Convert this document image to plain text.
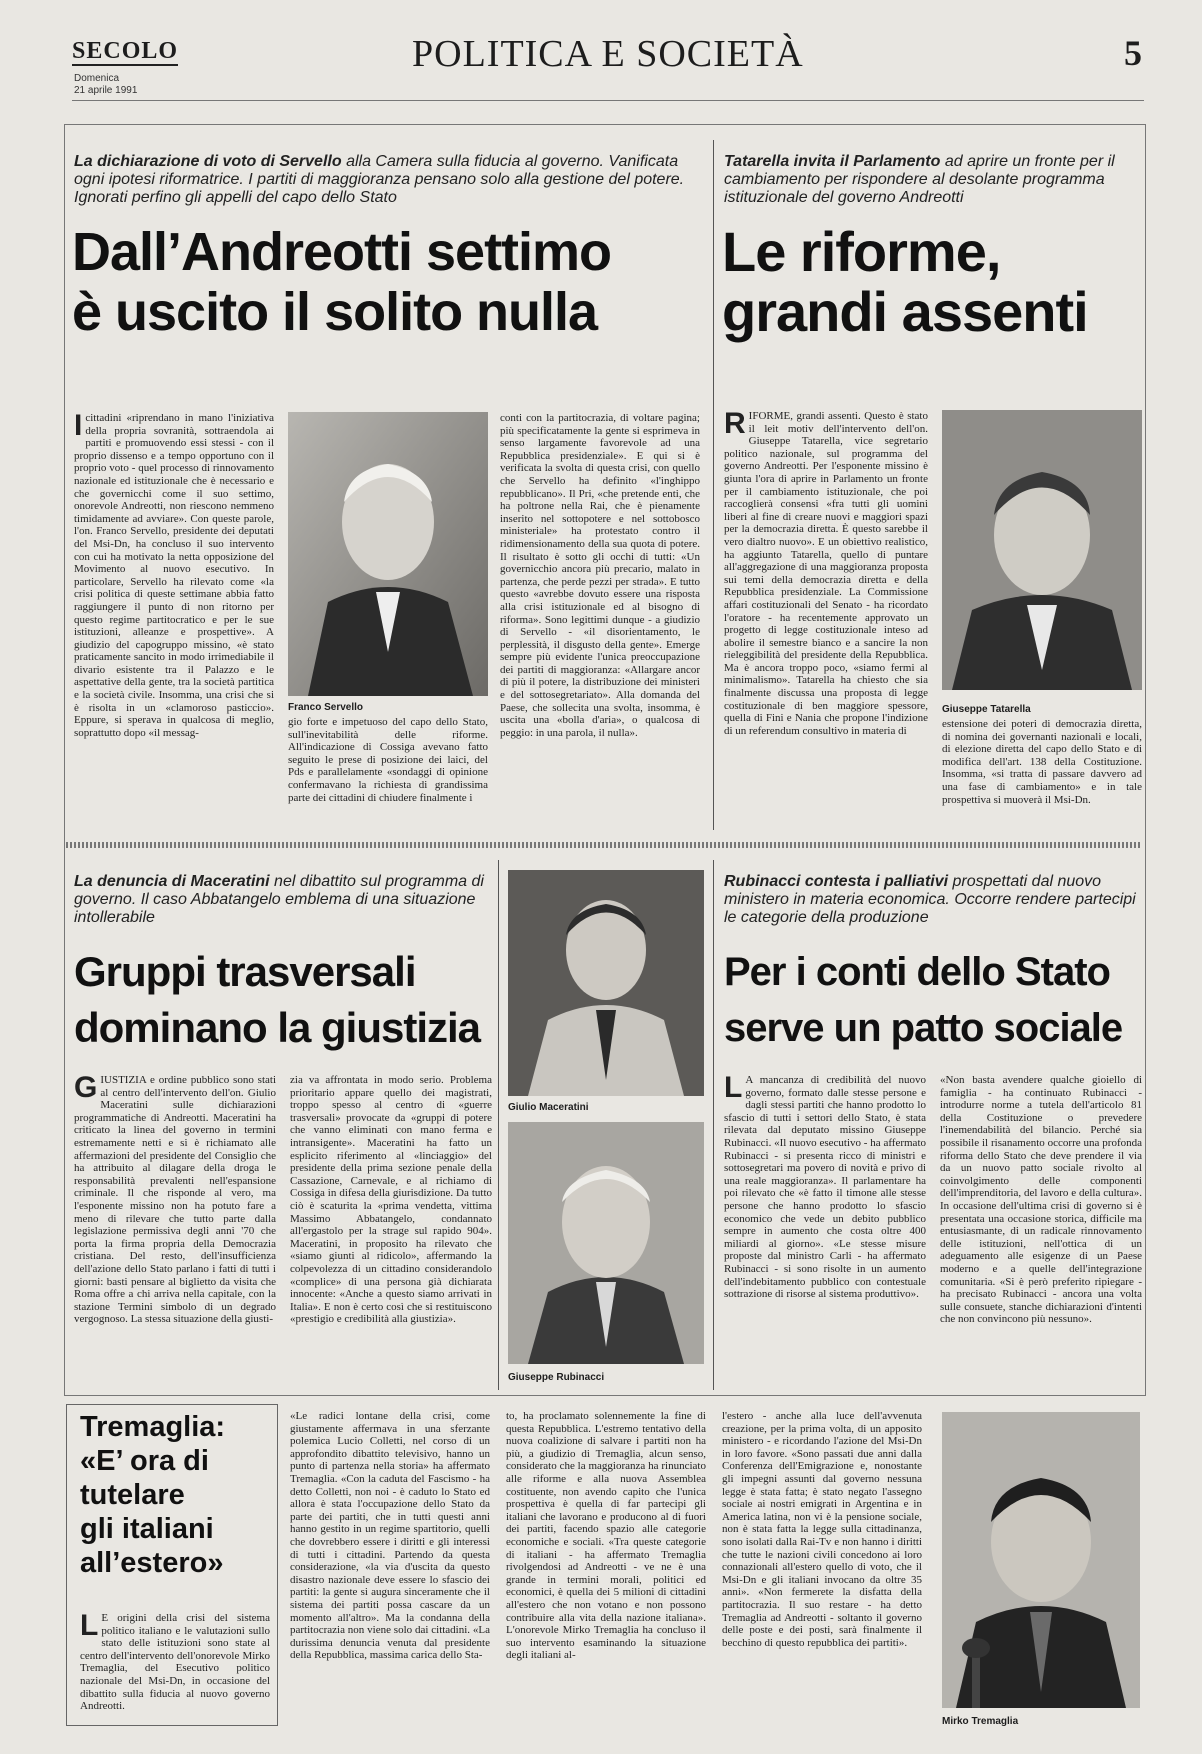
SECOLO
Domenica
21 aprile 1991
POLITICA E SOCIETÀ	5
La dichiarazione di voto di Servello alla Camera sulla fiducia al governo. Vanificata ogni ipotesi riformatrice. I partiti di maggioranza pensano solo alla gestione del potere. Ignorati perfino gli appelli del capo dello Stato
Dall’Andreotti settimo
è uscito il solito nulla
Icittadini «riprendano in mano l'iniziativa della propria sovranità, sottraendola ai partiti e promuovendo essi stessi - con il proprio dissenso e a tempo opportuno con il proprio voto - quel processo di rinnovamento nazionale ed istituzionale che è necessario e che governicchi come il suo settimo, onorevole Andreotti, non riescono nemmeno timidamente ad avviare». Con queste parole, l'on. Franco Servello, presidente dei deputati del Msi-Dn, ha concluso il suo intervento con cui ha motivato la netta opposizione del Movimento al nuovo esecutivo. In particolare, Servello ha rilevato come «la crisi politica di queste settimane abbia fatto raggiungere il punto di non ritorno per questo regime partitocratico e per le sue istituzioni, alleanze e prospettive». A giudizio del capogruppo missino, «è stato praticamente sancito in modo irrimediabile il divario esistente tra il Palazzo e le aspettative della gente, tra la società partitica e la società civile. Insomma, una crisi che si è risolta in un «clamoroso pasticcio». Eppure, si sperava in qualcosa di meglio, soprattutto dopo «il messag-
Franco Servello
gio forte e impetuoso del capo dello Stato, sull'inevitabilità delle riforme. All'indicazione di Cossiga avevano fatto seguito le prese di posizione dei laici, del Pds e parallelamente «sondaggi di opinione confermavano la richiesta di grandissima parte dei cittadini di chiudere finalmente i
conti con la partitocrazia, di voltare pagina; più specificatamente la gente si esprimeva in senso largamente favorevole ad una Repubblica presidenziale». E qui si è verificata la svolta di questa crisi, con quello che Servello ha definito «l'inghippo repubblicano». Il Pri, «che pretende enti, che ha poltrone nella Rai, che è pienamente inserito nel sottopotere e nel sottobosco ministeriale» ha protestato contro il ridimensionamento della sua quota di potere. Il risultato è sotto gli occhi di tutti: «Un governicchio ancora più precario, malato in partenza, che perde pezzi per strada». E tutto questo «avrebbe dovuto essere una risposta alla crisi istituzionale ed al bisogno di riforma». Sono legittimi dunque - a giudizio di Servello - «il disorientamento, le perplessità, il disgusto della gente». Emerge sempre più evidente l'unica preoccupazione dei partiti di maggioranza: «Allargare ancor di più il potere, la distribuzione dei ministeri e del sottosegretariato». Alla domanda del Paese, che sollecita una svolta, insomma, è uscita una «bolla d'aria», o qualcosa di peggio: in una parola, il nulla».
Tatarella invita il Parlamento ad aprire un fronte per il cambiamento per rispondere al desolante programma istituzionale del governo Andreotti
Le riforme,
grandi assenti
RIFORME, grandi assenti. Questo è stato il leit motiv dell'intervento dell'on. Giuseppe Tatarella, vice segretario politico nazionale, sul programma del governo Andreotti. Per l'esponente missino è giunta l'ora di aprire in Parlamento un fronte per il cambiamento istituzionale, che poi raccoglierà consensi «fra tutti gli uomini liberi al fine di creare nuovi e maggiori spazi per la democrazia diretta. È questo sarebbe il vero dialtro nuovo». E un obiettivo realistico, ha aggiunto Tatarella, quello di puntare all'aggregazione di una maggioranza proposta sui temi della democrazia diretta e della Repubblica presidenziale. La Commissione affari costituzionali del Senato - ha ricordato l'oratore - ha recentemente approvato un progetto di legge costituzionale inteso ad abolire il semestre bianco e a sancire la non rieleggibilità del presidente della Repubblica. Ma è ancora troppo poco, «siamo fermi al minimalismo». Tatarella ha chiesto che sia finalmente discussa una proposta di legge costituzionale di ben maggiore spessore, quella di Fini e Nania che propone l'indizione di un referendum consultivo in materia di
Giuseppe Tatarella
estensione dei poteri di democrazia diretta, di nomina dei governanti nazionali e locali, di elezione diretta del capo dello Stato e di modifica dell'art. 138 della Costituzione. Insomma, «si tratta di passare davvero ad una fase di cambiamento» e in tale prospettiva si muoverà il Msi-Dn.
La denuncia di Maceratini nel dibattito sul programma di governo. Il caso Abbatangelo emblema di una situazione intollerabile
Gruppi trasversali
dominano la giustizia
GIUSTIZIA e ordine pubblico sono stati al centro dell'intervento dell'on. Giulio Maceratini sulle dichiarazioni programmatiche di Andreotti. Maceratini ha criticato la linea del governo in termini estremamente netti e si è richiamato alle affermazioni del presidente del Consiglio che ha attribuito al dilagare della droga le responsabilità prevalenti nell'espansione criminale. Il che risponde al vero, ma l'esponente missino non ha potuto fare a meno di rilevare che tutto parte dalla legislazione permissiva degli anni '70 che porta la firma propria della Democrazia cristiana. Del resto, dell'insufficienza dell'azione dello Stato parlano i fatti di tutti i giorni: basti pensare al biglietto da visita che Roma offre a chi arriva nella capitale, con la stazione Termini simbolo di un degrado vergognoso. La stessa situazione della giusti-
zia va affrontata in modo serio. Problema prioritario appare quello dei magistrati, troppo spesso al centro di «guerre trasversali» provocate da «gruppi di potere che vanno eliminati con mano ferma e intransigente». Maceratini ha fatto un esplicito riferimento al «linciaggio» del presidente della prima sezione penale della Cassazione, Carnevale, e al richiamo di Cossiga in difesa della giurisdizione. Da tutto ciò è scaturita la «prima vendetta, vittima Massimo Abbatangelo, condannato all'ergastolo per la strage sul rapido 904». Maceratini, in proposito ha rilevato che «siamo giunti al ridicolo», affermando la colpevolezza di un cittadino considerandolo «complice» di una persona già dichiarata innocente: «Anche a questo siamo arrivati in Italia». E non è certo così che si restituiscono «prestigio e credibilità alla giustizia».
Giulio Maceratini
Giuseppe Rubinacci
Rubinacci contesta i palliativi prospettati dal nuovo ministero in materia economica. Occorre rendere partecipi le categorie della produzione
Per i conti dello Stato
serve un patto sociale
L A mancanza di credibilità del nuovo governo, formato dalle stesse persone e dagli stessi partiti che hanno prodotto lo sfascio di tutti i settori dello Stato, è stata rilevata dal deputato missino Giuseppe Rubinacci. «Il nuovo esecutivo - ha affermato Rubinacci - si presenta ricco di ministri e sottosegretari ma povero di novità e privo di una reale maggioranza». Il parlamentare ha poi rilevato che «è fatto il timone alle stesse persone che hanno prodotto lo sfascio economico che vede un debito pubblico sempre in aumento che costa oltre 400 miliardi al giorno». «Le stesse misure proposte dal ministro Carli - ha affermato Rubinacci - si sono risolte in un aumento dell'indebitamento pubblico con contestuale sottrazione di risorse al sistema produttivo».
«Non basta avendere qualche gioiello di famiglia - ha continuato Rubinacci - introdurre norme a tutela dell'articolo 81 della Costituzione o prevedere l'inemendabilità del bilancio. Perché sia possibile il risanamento occorre una profonda riforma dello Stato che deve prendere il via da un nuovo patto sociale rivolto al coinvolgimento delle componenti dell'imprenditoria, del lavoro e della cultura». In occasione dell'ultima crisi di governo si è presentata una occasione storica, difficile ma entusiasmante, di un radicale rinnovamento delle istituzioni, nell'ottica di un adeguamento alle esigenze di un Paese moderno e a quelle dell'integrazione comunitaria. «Si è però preferito ripiegare - ha precisato Rubinacci - ancora una volta sulle consuete, stanche dichiarazioni d'intenti che non convincono più nessuno».
Tremaglia:
«E’ ora di
tutelare
gli italiani
all’estero»
L E origini della crisi del sistema politico italiano e le valutazioni sullo stato delle istituzioni sono state al centro dell'intervento dell'onorevole Mirko Tremaglia, del Esecutivo politico nazionale del Msi-Dn, in occasione del dibattito sulla fiducia al nuovo governo Andreotti.
«Le radici lontane della crisi, come giustamente affermava in una sferzante polemica Lucio Colletti, nel corso di un approfondito dibattito televisivo, hanno un punto di partenza nella storia» ha affermato Tremaglia. «Con la caduta del Fascismo - ha detto Colletti, non noi - è caduto lo Stato ed allora è stata l'occupazione dello Stato da parte dei partiti, che in tutti questi anni hanno gestito in un regime spartitorio, quelli che dovrebbero essere i diritti e gli interessi di tutti i cittadini. Partendo da questa considerazione, «la via d'uscita da questo disastro nazionale deve essere lo sfascio dei partiti: la gente si augura sinceramente che il sistema dei partiti possa cascare da un momento all'altro». Ma la condanna della partitocrazia non viene solo dai cittadini. «La durissima denuncia venuta dal presidente della Repubblica, massima carica dello Sta-
to, ha proclamato solennemente la fine di questa Repubblica. L'estremo tentativo della nuova coalizione di salvare i partiti non ha più, a giudizio di Tremaglia, alcun senso, considerato che la maggioranza ha rinunciato alle riforme e alla nuova Assemblea costituente, non avendo capito che l'unica prospettiva è quella di far partecipi gli italiani che lavorano e producono al di fuori dei partiti, facendo spazio alle categorie economiche e sociali. «Tra queste categorie di italiani - ha affermato Tremaglia rivolgendosi ad Andreotti - ve ne è una grande in termini morali, politici ed economici, è quella dei 5 milioni di cittadini all'estero che non votano e non possono contribuire alla vita della nazione italiana». L'onorevole Mirko Tremaglia ha concluso il suo intervento esaminando la situazione degli italiani al-
l'estero - anche alla luce dell'avvenuta creazione, per la prima volta, di un apposito ministero - e ricordando l'azione del Msi-Dn in loro favore. «Sono passati due anni dalla Conferenza dell'Emigrazione e, nonostante gli impegni assunti dal governo nessuna legge è stata fatta; è stato negato l'assegno sociale ai nostri emigrati in Argentina e in America latina, non vi è la pensione sociale, non è stata fatta la legge sulla cittadinanza, sono isolati dalla Rai-Tv e non hanno i diritti che tutte le nazioni civili concedono ai loro connazionali all'estero quello di voto, che il Msi-Dn e gli italiani invocano da oltre 35 anni». «Non fermerete la disfatta della partitocrazia. Il suo restare - ha detto Tremaglia ad Andreotti - soltanto il governo delle poste e dei posti, sarà finalmente il becchino di questo repubblica dei partiti».
Mirko Tremaglia
